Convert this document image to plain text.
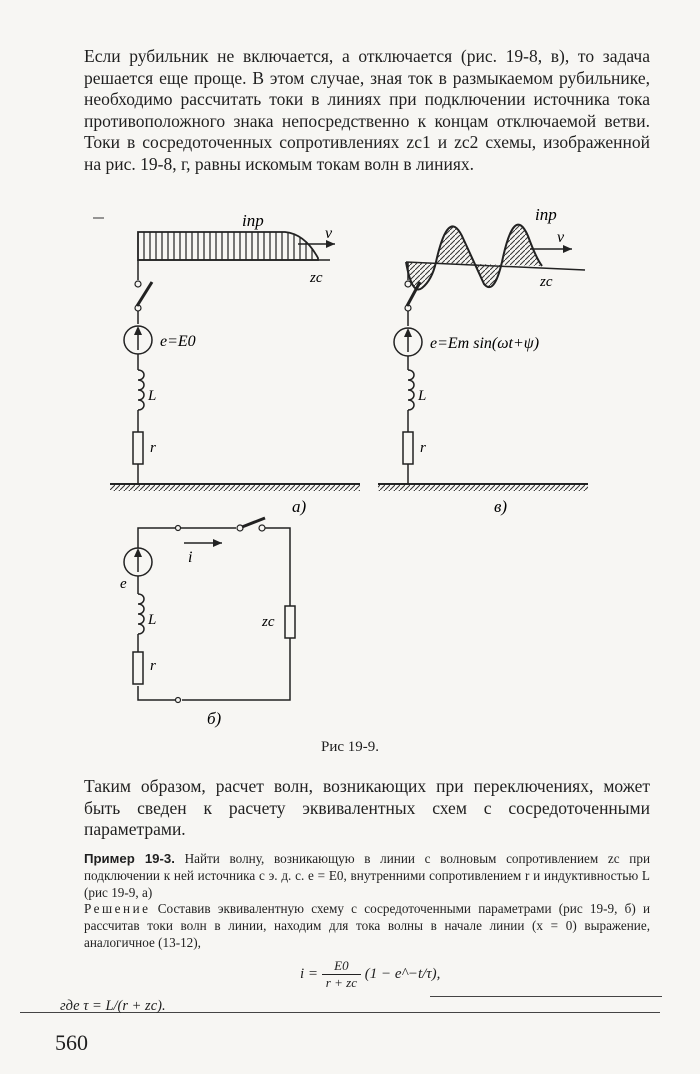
Если рубильник не включается, а отключается (рис. 19-8, в), то задача решается еще проще. В этом случае, зная ток в размыкаемом рубильнике, необходимо рассчитать токи в линиях при подключении источника тока противоположного знака непосредственно к концам отключаемой ветви. Токи в сосредоточенных сопротивлениях zc1 и zc2 схемы, изображенной на рис. 19-8, г, равны искомым токам волн в линиях.

iпр
v
zc
e=E0
L
r
a)
iпр
v
zc
e=Em sin(ωt+ψ)
L
r
в)
zc
i
e
L
r
б)
Рис 19-9.

Таким образом, расчет волн, возникающих при переключениях, может быть сведен к расчету эквивалентных схем с сосредоточенными параметрами.

Пример 19-3. Найти волну, возникающую в линии с волновым сопротивлением zc при подключении к ней источника с э. д. с. e = E0, внутренними сопротивлением r и индуктивностью L (рис 19-9, а)

Решение Составив эквивалентную схему с сосредоточенными параметрами (рис 19-9, б) и рассчитав токи волн в линии, находим для тока волны в начале линии (x = 0) выражение, аналогичное (13-12),

$i = \frac{E0}{r + zc} (1$ − e^−t/τ),
где τ = L/(r + zc).
560
